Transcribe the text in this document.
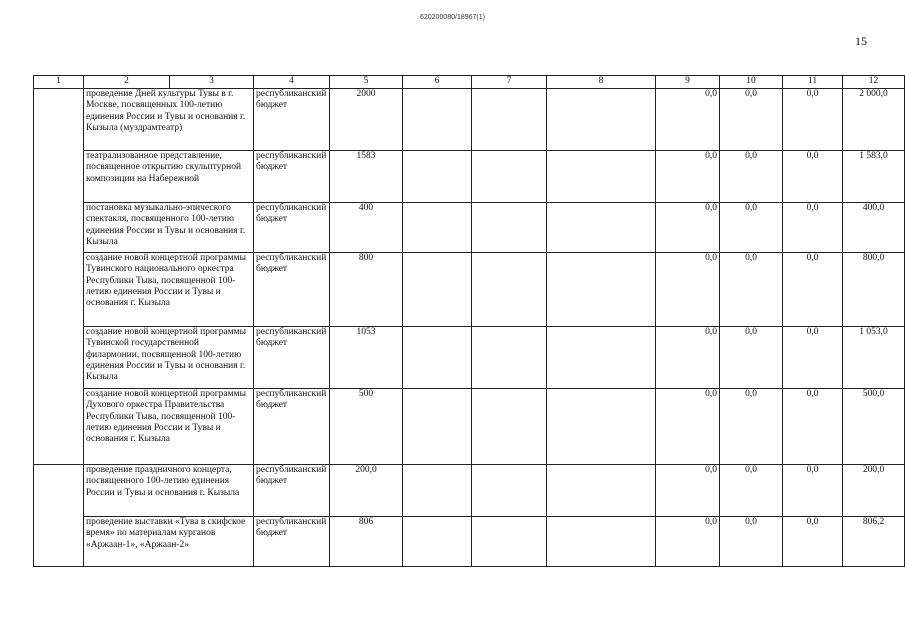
620200080/18967(1)
15
1	2	3	4	5	6	7	8	9	10	11	12
	проведение Дней культуры Тувы в г. Москве, посвященных 100-летию единения России и Тувы и основания г. Кызыла (муздрамтеатр)		республиканский бюджет	2000				0,0	0,0	0,0	2 000,0
	театрализованное представление, посвященное открытию скульптурной композиции на Набережной		республиканский бюджет	1583				0,0	0,0	0,0	1 583,0
	постановка музыкально-эпического спектакля, посвященного 100-летию единения России и Тувы и основания г. Кызыла		республиканский бюджет	400				0,0	0,0	0,0	400,0
	создание новой концертной программы Тувинского национального оркестра Республики Тыва, посвященной 100-летию единения России и Тувы и основания г. Кызыла		республиканский бюджет	800				0,0	0,0	0,0	800,0
	создание новой концертной программы Тувинской государственной филармонии, посвященной 100-летию единения России и Тувы и основания г. Кызыла		республиканский бюджет	1053				0,0	0,0	0,0	1 053,0
	создание новой концертной программы Духового оркестра Правительства Республики Тыва, посвященной 100-летию единения России и Тувы и основания г. Кызыла		республиканский бюджет	500				0,0	0,0	0,0	500,0
	проведение праздничного концерта, посвященного 100-летию единения России и Тувы и основания г. Кызыла		республиканский бюджет	200,0				0,0	0,0	0,0	200,0
	проведение выставки «Тува в скифское время» по материалам курганов «Аржаан-1», «Аржаан-2»		республиканский бюджет	806				0,0	0,0	0,0	806,2
